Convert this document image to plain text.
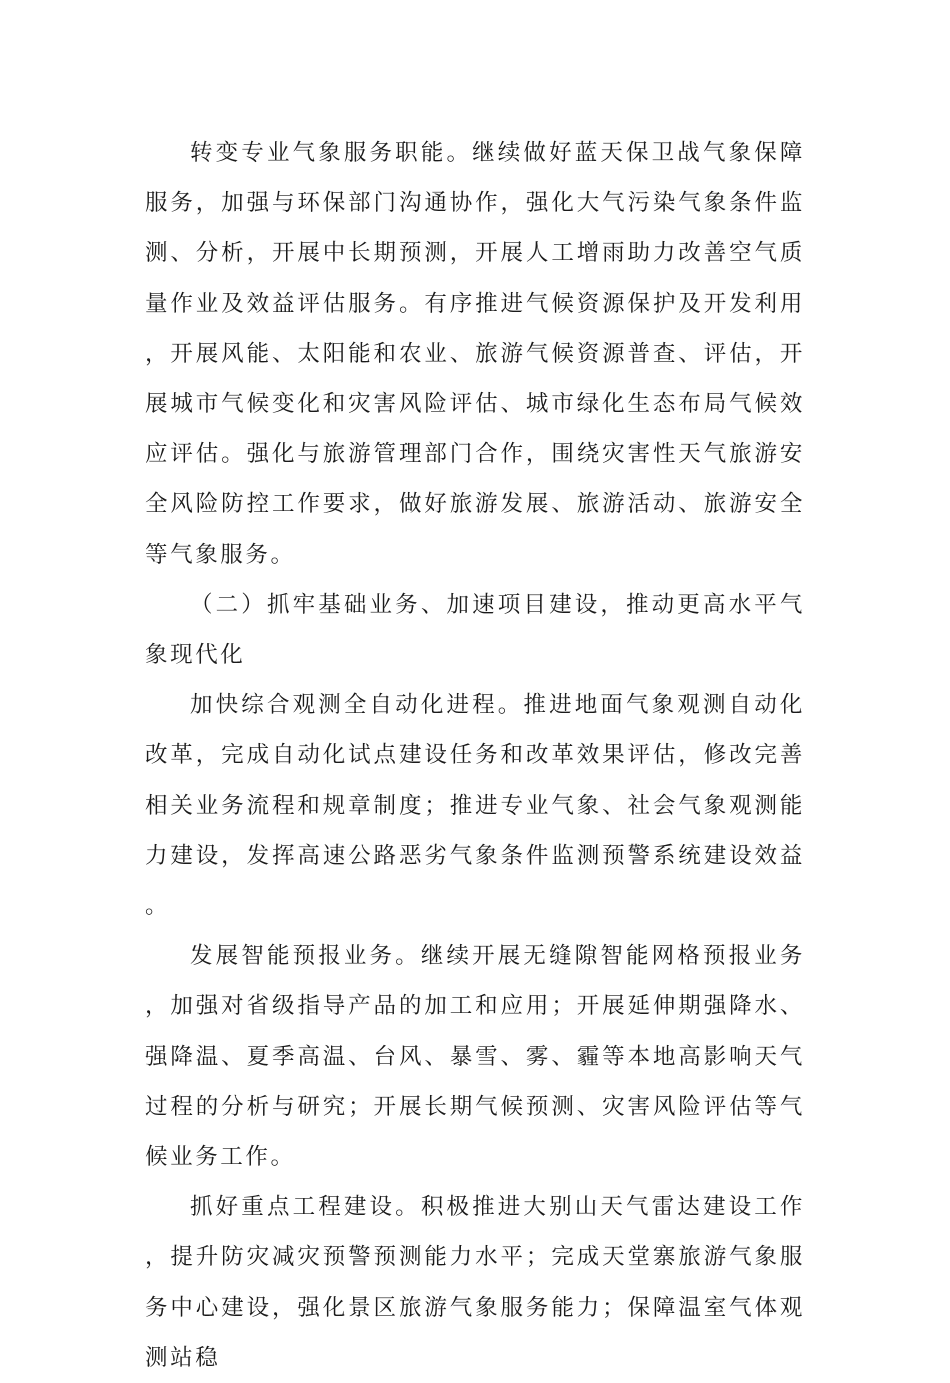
转变专业气象服务职能。继续做好蓝天保卫战气象保障服务，加强与环保部门沟通协作，强化大气污染气象条件监测、分析，开展中长期预测，开展人工增雨助力改善空气质量作业及效益评估服务。有序推进气候资源保护及开发利用，开展风能、太阳能和农业、旅游气候资源普查、评估，开展城市气候变化和灾害风险评估、城市绿化生态布局气候效应评估。强化与旅游管理部门合作，围绕灾害性天气旅游安全风险防控工作要求，做好旅游发展、旅游活动、旅游安全等气象服务。

（二）抓牢基础业务、加速项目建设，推动更高水平气象现代化

加快综合观测全自动化进程。推进地面气象观测自动化改革，完成自动化试点建设任务和改革效果评估，修改完善相关业务流程和规章制度；推进专业气象、社会气象观测能力建设，发挥高速公路恶劣气象条件监测预警系统建设效益。

发展智能预报业务。继续开展无缝隙智能网格预报业务，加强对省级指导产品的加工和应用；开展延伸期强降水、强降温、夏季高温、台风、暴雪、雾、霾等本地高影响天气过程的分析与研究；开展长期气候预测、灾害风险评估等气候业务工作。

抓好重点工程建设。积极推进大别山天气雷达建设工作，提升防灾减灾预警预测能力水平；完成天堂寨旅游气象服务中心建设，强化景区旅游气象服务能力；保障温室气体观测站稳
